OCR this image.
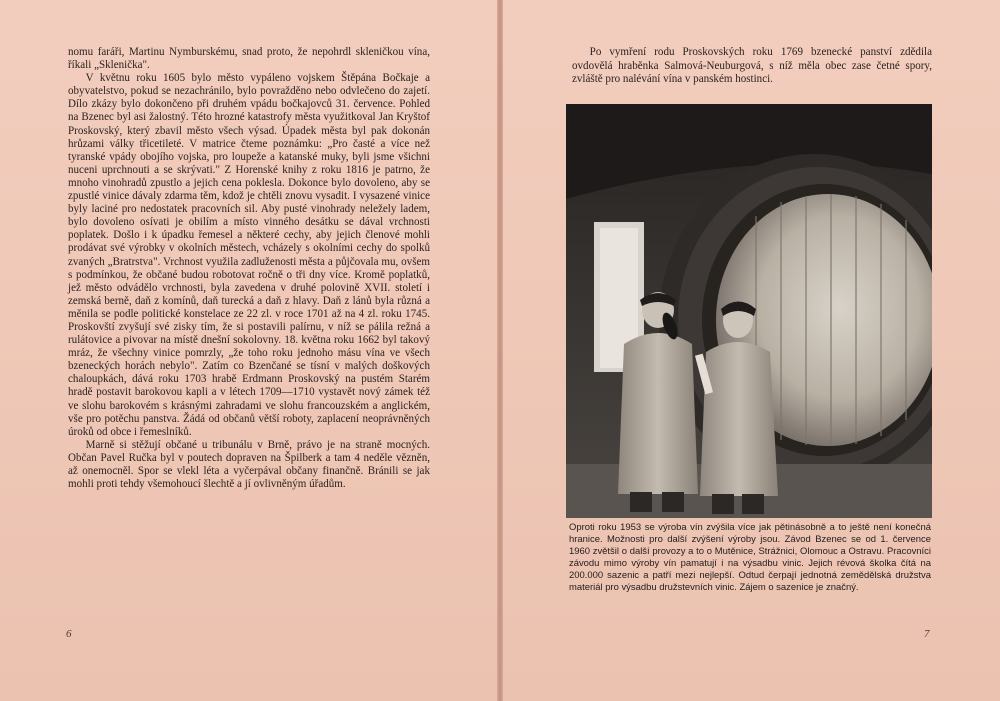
nomu faráři, Martinu Nymburskému, snad proto, že nepohrdl skleničkou vína, říkali „Sklenička".

V květnu roku 1605 bylo město vypáleno vojskem Štěpána Bočkaje a obyvatelstvo, pokud se nezachránilo, bylo povražděno nebo odvlečeno do zajetí. Dílo zkázy bylo dokončeno při druhém vpádu bočkajovců 31. července. Pohled na Bzenec byl asi žalostný. Této hrozné katastrofy města využitkoval Jan Kryštof Proskovský, který zbavil město všech výsad. Úpadek města byl pak dokonán hrůzami války třicetileté. V matrice čteme poznámku: „Pro časté a více než tyranské vpády obojího vojska, pro loupeže a katanské muky, byli jsme všichni nuceni uprchnouti a se skrývati." Z Horenské knihy z roku 1816 je patrno, že mnoho vinohradů zpustlo a jejich cena poklesla. Dokonce bylo dovoleno, aby se zpustlé vinice dávaly zdarma těm, kdož je chtěli znovu vysadit. I vysazené vinice byly laciné pro nedostatek pracovních sil. Aby pusté vinohrady neležely ladem, bylo dovoleno osívati je obilím a místo vinného desátku se dával vrchnosti poplatek. Došlo i k úpadku řemesel a některé cechy, aby jejich členové mohli prodávat své výrobky v okolních městech, vcházely s okolními cechy do spolků zvaných „Bratrstva". Vrchnost využila zadluženosti města a půjčovala mu, ovšem s podmínkou, že občané budou robotovat ročně o tři dny více. Kromě poplatků, jež město odvádělo vrchnosti, byla zavedena v druhé polovině XVII. století i zemská berně, daň z komínů, daň turecká a daň z hlavy. Daň z lánů byla různá a měnila se podle politické konstelace ze 22 zl. v roce 1701 až na 4 zl. roku 1745. Proskovští zvyšují své zisky tím, že si postavili palírnu, v níž se pálila režná a rulátovice a pivovar na místě dnešní sokolovny. 18. května roku 1662 byl takový mráz, že všechny vinice pomrzly, „že toho roku jednoho másu vína ve všech bzeneckých horách nebylo". Zatím co Bzenčané se tísní v malých doškových chaloupkách, dává roku 1703 hrabě Erdmann Proskovský na pustém Starém hradě postavit barokovou kapli a v létech 1709—1710 vystavět nový zámek též ve slohu barokovém s krásnými zahradami ve slohu francouzském a anglickém, vše pro potěchu panstva. Žádá od občanů větší roboty, zaplacení neoprávněných úroků od obce i řemeslníků.

Marně si stěžují občané u tribunálu v Brně, právo je na straně mocných. Občan Pavel Ručka byl v poutech dopraven na Špilberk a tam 4 neděle vězněn, až onemocněl. Spor se vlekl léta a vyčerpával občany finančně. Bránili se jak mohli proti tehdy všemohoucí šlechtě a jí ovlivněným úřadům.

6

Po vymření rodu Proskovských roku 1769 bzenecké panství zdědila ovdovělá hraběnka Salmová-Neuburgová, s níž měla obec zase četné spory, zvláště pro nalévání vína v panském hostinci.

Oproti roku 1953 se výroba vín zvýšila více jak pětinásobně a to ještě není konečná hranice. Možnosti pro další zvýšení výroby jsou. Závod Bzenec se od 1. července 1960 zvětšil o další provozy a to o Mutěnice, Strážnici, Olomouc a Ostravu. Pracovníci závodu mimo výroby vín pamatují i na výsadbu vinic. Jejich révová školka čítá na 200.000 sazenic a patří mezi nejlepší. Odtud čerpají jednotná zemědělská družstva materiál pro výsadbu družstevních vinic. Zájem o sazenice je značný.

7
